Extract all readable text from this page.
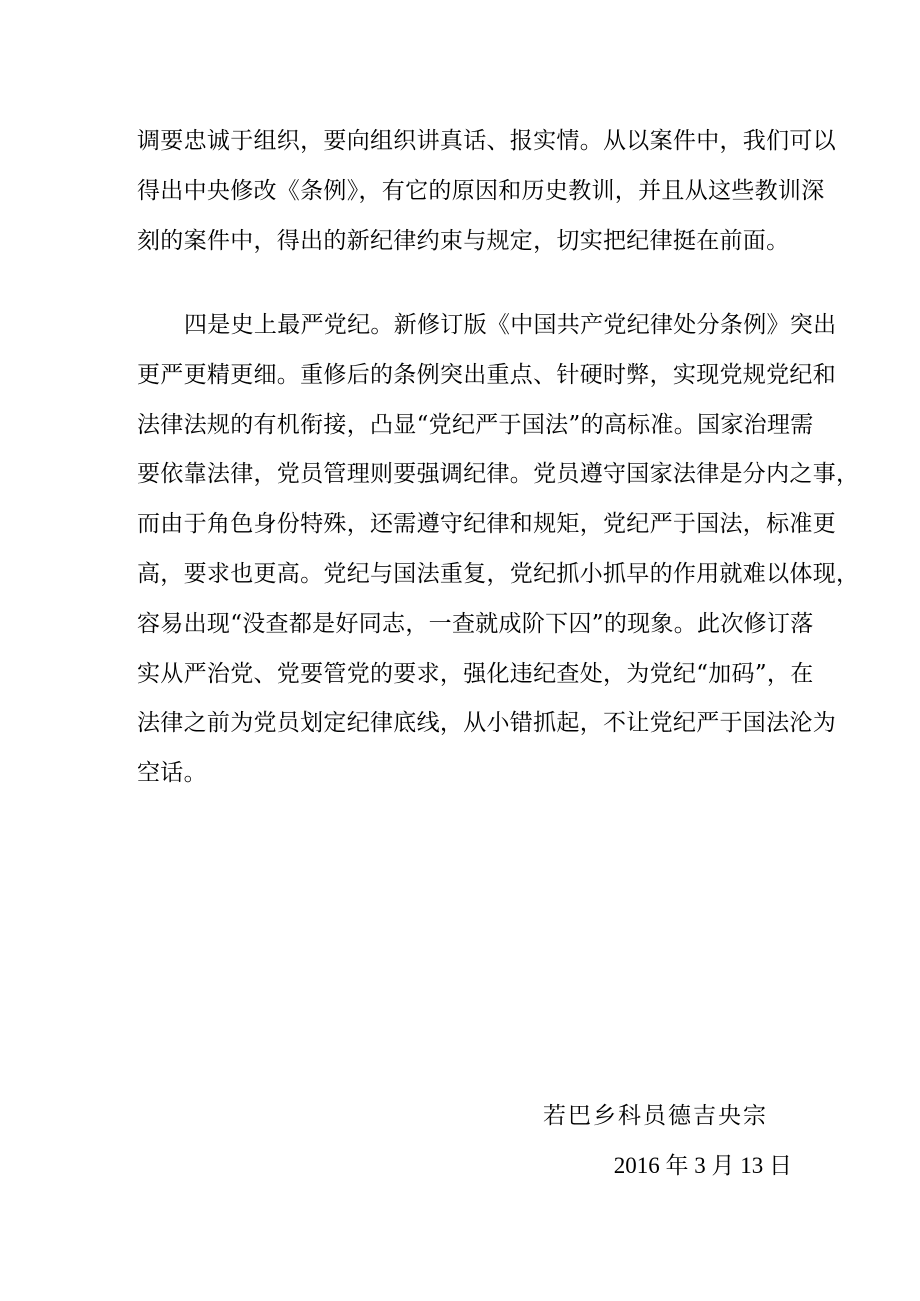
调要忠诚于组织，要向组织讲真话、报实情。从以案件中，我们可以
得出中央修改《条例》，有它的原因和历史教训，并且从这些教训深
刻的案件中，得出的新纪律约束与规定，切实把纪律挺在前面。
四是史上最严党纪。新修订版《中国共产党纪律处分条例》突出
更严更精更细。重修后的条例突出重点、针硬时弊，实现党规党纪和
法律法规的有机衔接，凸显“党纪严于国法”的高标准。国家治理需
要依靠法律，党员管理则要强调纪律。党员遵守国家法律是分内之事，
而由于角色身份特殊，还需遵守纪律和规矩，党纪严于国法，标准更
高，要求也更高。党纪与国法重复，党纪抓小抓早的作用就难以体现，
容易出现“没查都是好同志，一查就成阶下囚”的现象。此次修订落
实从严治党、党要管党的要求，强化违纪查处，为党纪“加码”，在
法律之前为党员划定纪律底线，从小错抓起，不让党纪严于国法沦为
空话。
若巴乡科员德吉央宗
2016 年 3 月 13 日
